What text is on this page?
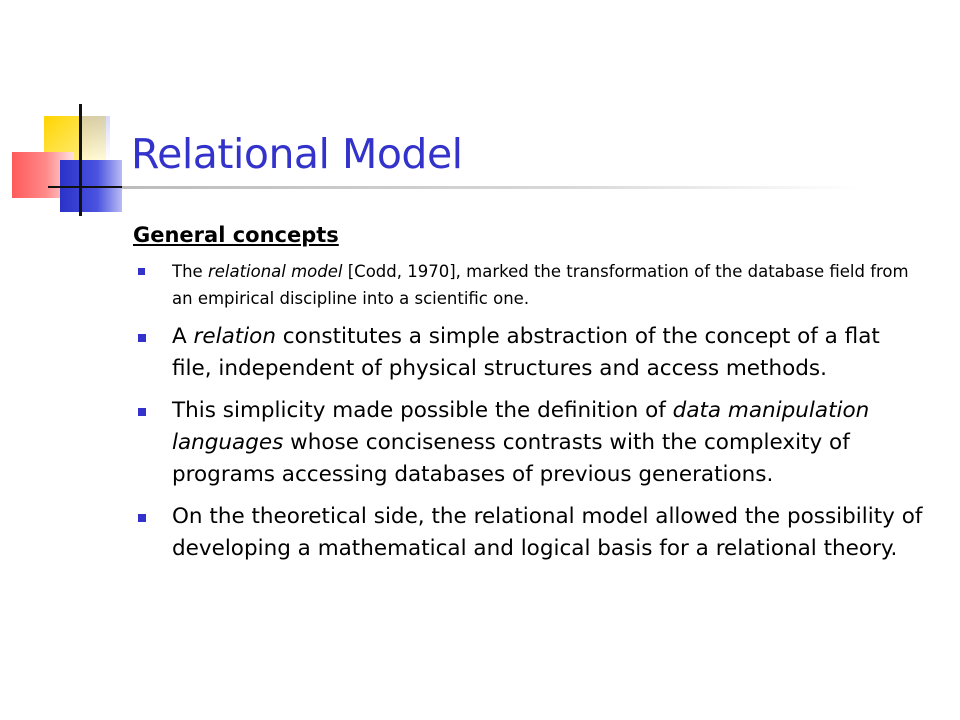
Relational Model
General concepts
The relational model [Codd, 1970], marked the transformation of the database field from an empirical discipline into a scientific one.
A relation constitutes a simple abstraction of the concept of a flat file, independent of physical structures and access methods.
This simplicity made possible the definition of data manipulation languages whose conciseness contrasts with the complexity of programs accessing databases of previous generations.
On the theoretical side, the relational model allowed the possibility of developing a mathematical and logical basis for a relational theory.
